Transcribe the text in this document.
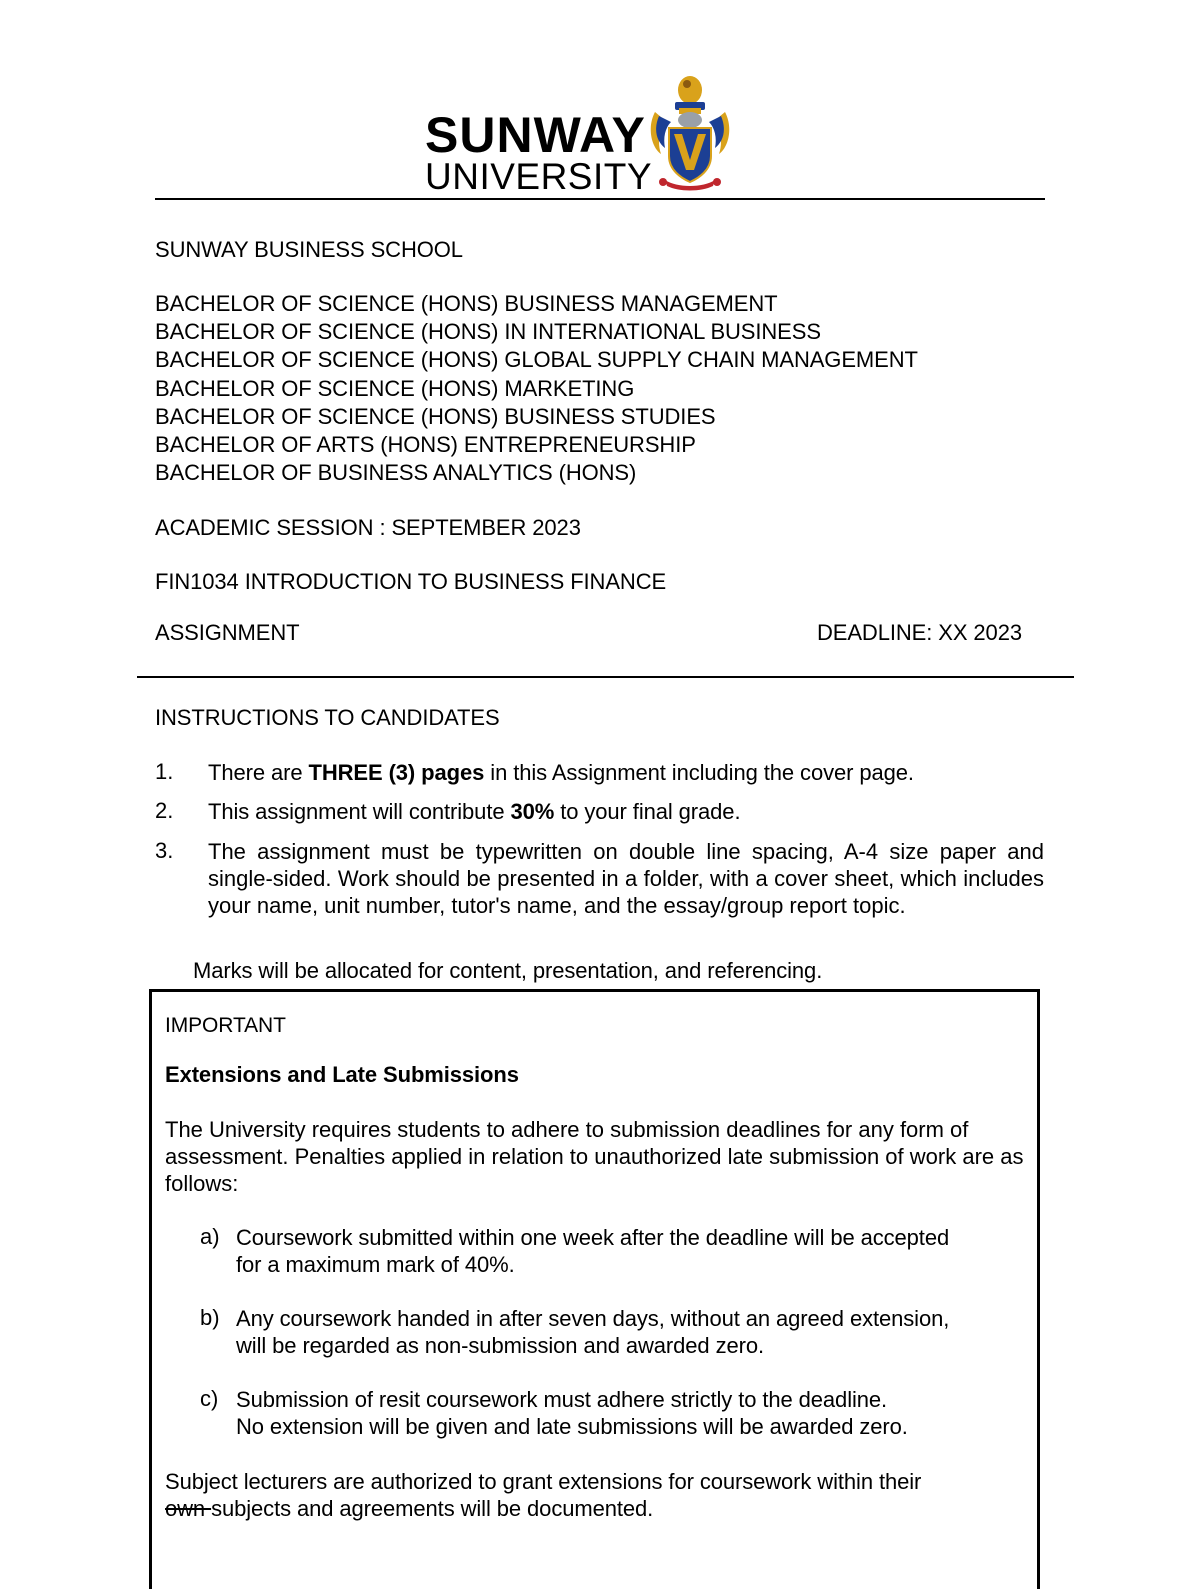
SUNWAY
UNIVERSITY
SUNWAY BUSINESS SCHOOL
BACHELOR OF SCIENCE (HONS) BUSINESS MANAGEMENT
BACHELOR OF SCIENCE (HONS) IN INTERNATIONAL BUSINESS
BACHELOR OF SCIENCE (HONS) GLOBAL SUPPLY CHAIN MANAGEMENT
BACHELOR OF SCIENCE (HONS) MARKETING
BACHELOR OF SCIENCE (HONS) BUSINESS STUDIES
BACHELOR OF ARTS (HONS) ENTREPRENEURSHIP
BACHELOR OF BUSINESS ANALYTICS (HONS)
ACADEMIC SESSION : SEPTEMBER 2023
FIN1034 INTRODUCTION TO BUSINESS FINANCE
ASSIGNMENT	DEADLINE: XX 2023
INSTRUCTIONS TO CANDIDATES
1. There are THREE (3) pages in this Assignment including the cover page.
2. This assignment will contribute 30% to your final grade.
3. The assignment must be typewritten on double line spacing, A-4 size paper and single-sided. Work should be presented in a folder, with a cover sheet, which includes your name, unit number, tutor's name, and the essay/group report topic.
Marks will be allocated for content, presentation, and referencing.
IMPORTANT
Extensions and Late Submissions
The University requires students to adhere to submission deadlines for any form of assessment. Penalties applied in relation to unauthorized late submission of work are as follows:
a) Coursework submitted within one week after the deadline will be accepted
for a maximum mark of 40%.
b) Any coursework handed in after seven days, without an agreed extension,
will be regarded as non-submission and awarded zero.
c) Submission of resit coursework must adhere strictly to the deadline.
No extension will be given and late submissions will be awarded zero.
Subject lecturers are authorized to grant extensions for coursework within their
own subjects and agreements will be documented.
